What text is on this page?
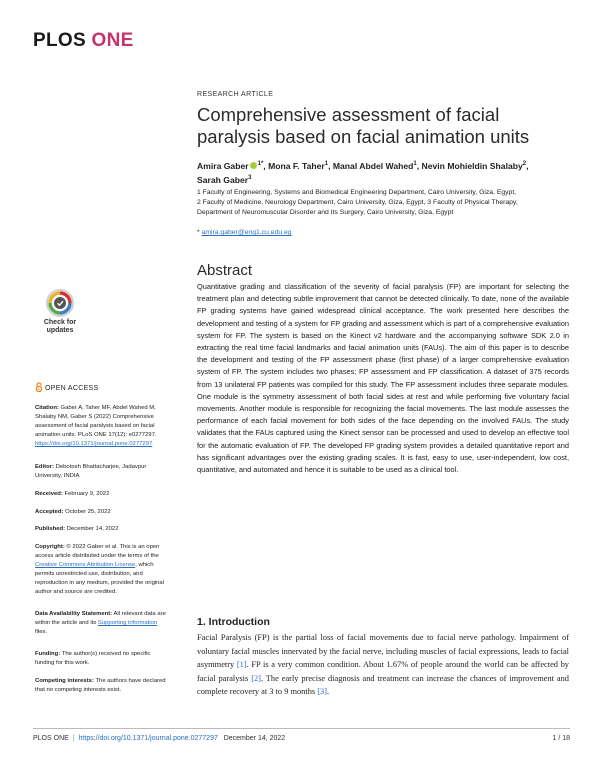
PLOS ONE
RESEARCH ARTICLE
Comprehensive assessment of facial paralysis based on facial animation units
Amira Gaber $^{1*}$, Mona F. Taher$^1$, Manal Abdel Wahed$^1$, Nevin Mohieldin Shalaby$^2$,
Sarah Gaber$^3$
1 Faculty of Engineering, Systems and Biomedical Engineering Department, Cairo University, Giza, Egypt,
2 Faculty of Medicine, Neurology Department, Cairo University, Giza, Egypt, 3 Faculty of Physical Therapy,
Department of Neuromuscular Disorder and Its Surgery, Cairo University, Giza, Egypt
* amira.gaber@eng1.cu.edu.eg
Abstract
Quantitative grading and classification of the severity of facial paralysis (FP) are important for selecting the treatment plan and detecting subtle improvement that cannot be detected clinically. To date, none of the available FP grading systems have gained widespread clinical acceptance. The work presented here describes the development and testing of a system for FP grading and assessment which is part of a comprehensive evaluation system for FP. The system is based on the Kinect v2 hardware and the accompanying software SDK 2.0 in extracting the real time facial landmarks and facial animation units (FAUs). The aim of this paper is to describe the development and testing of the FP assessment phase (first phase) of a larger comprehensive evaluation system of FP. The system includes two phases; FP assessment and FP classification. A dataset of 375 records from 13 unilateral FP patients was compiled for this study. The FP assessment includes three separate modules. One module is the symmetry assessment of both facial sides at rest and while performing five voluntary facial movements. Another module is responsible for recognizing the facial movements. The last module assesses the performance of each facial movement for both sides of the face depending on the involved FAUs. The study validates that the FAUs captured using the Kinect sensor can be processed and used to develop an effective tool for the automatic evaluation of FP. The developed FP grading system provides a detailed quantitative report and has significant advantages over the existing grading scales. It is fast, easy to use, user-independent, low cost, quantitative, and automated and hence it is suitable to be used as a clinical tool.
1. Introduction
Facial Paralysis (FP) is the partial loss of facial movements due to facial nerve pathology. Impairment of voluntary facial muscles innervated by the facial nerve, including muscles of facial expressions, leads to facial asymmetry [1]. FP is a very common condition. About 1.67% of people around the world can be affected by facial paralysis [2]. The early precise diagnosis and treatment can increase the chances of improvement and complete recovery at 3 to 9 months [3].
Check for
updates
OPEN ACCESS
Citation: Gaber A, Taher MF, Abdel Wahed M, Shalaby NM, Gaber S (2022) Comprehensive assessment of facial paralysis based on facial animation units. PLoS ONE 17(12): e0277297. https://doi.org/10.1371/journal.pone.0277297
Editor: Debotosh Bhattacharjee, Jadavpur University, INDIA
Received: February 9, 2022
Accepted: October 25, 2022
Published: December 14, 2022
Copyright: © 2022 Gaber et al. This is an open access article distributed under the terms of the Creative Commons Attribution License, which permits unrestricted use, distribution, and reproduction in any medium, provided the original author and source are credited.
Data Availability Statement: All relevant data are within the article and its Supporting information files.
Funding: The author(s) received no specific funding for this work.
Competing interests: The authors have declared that no competing interests exist.
PLOS ONE | https://doi.org/10.1371/journal.pone.0277297 December 14, 2022	1 / 18
